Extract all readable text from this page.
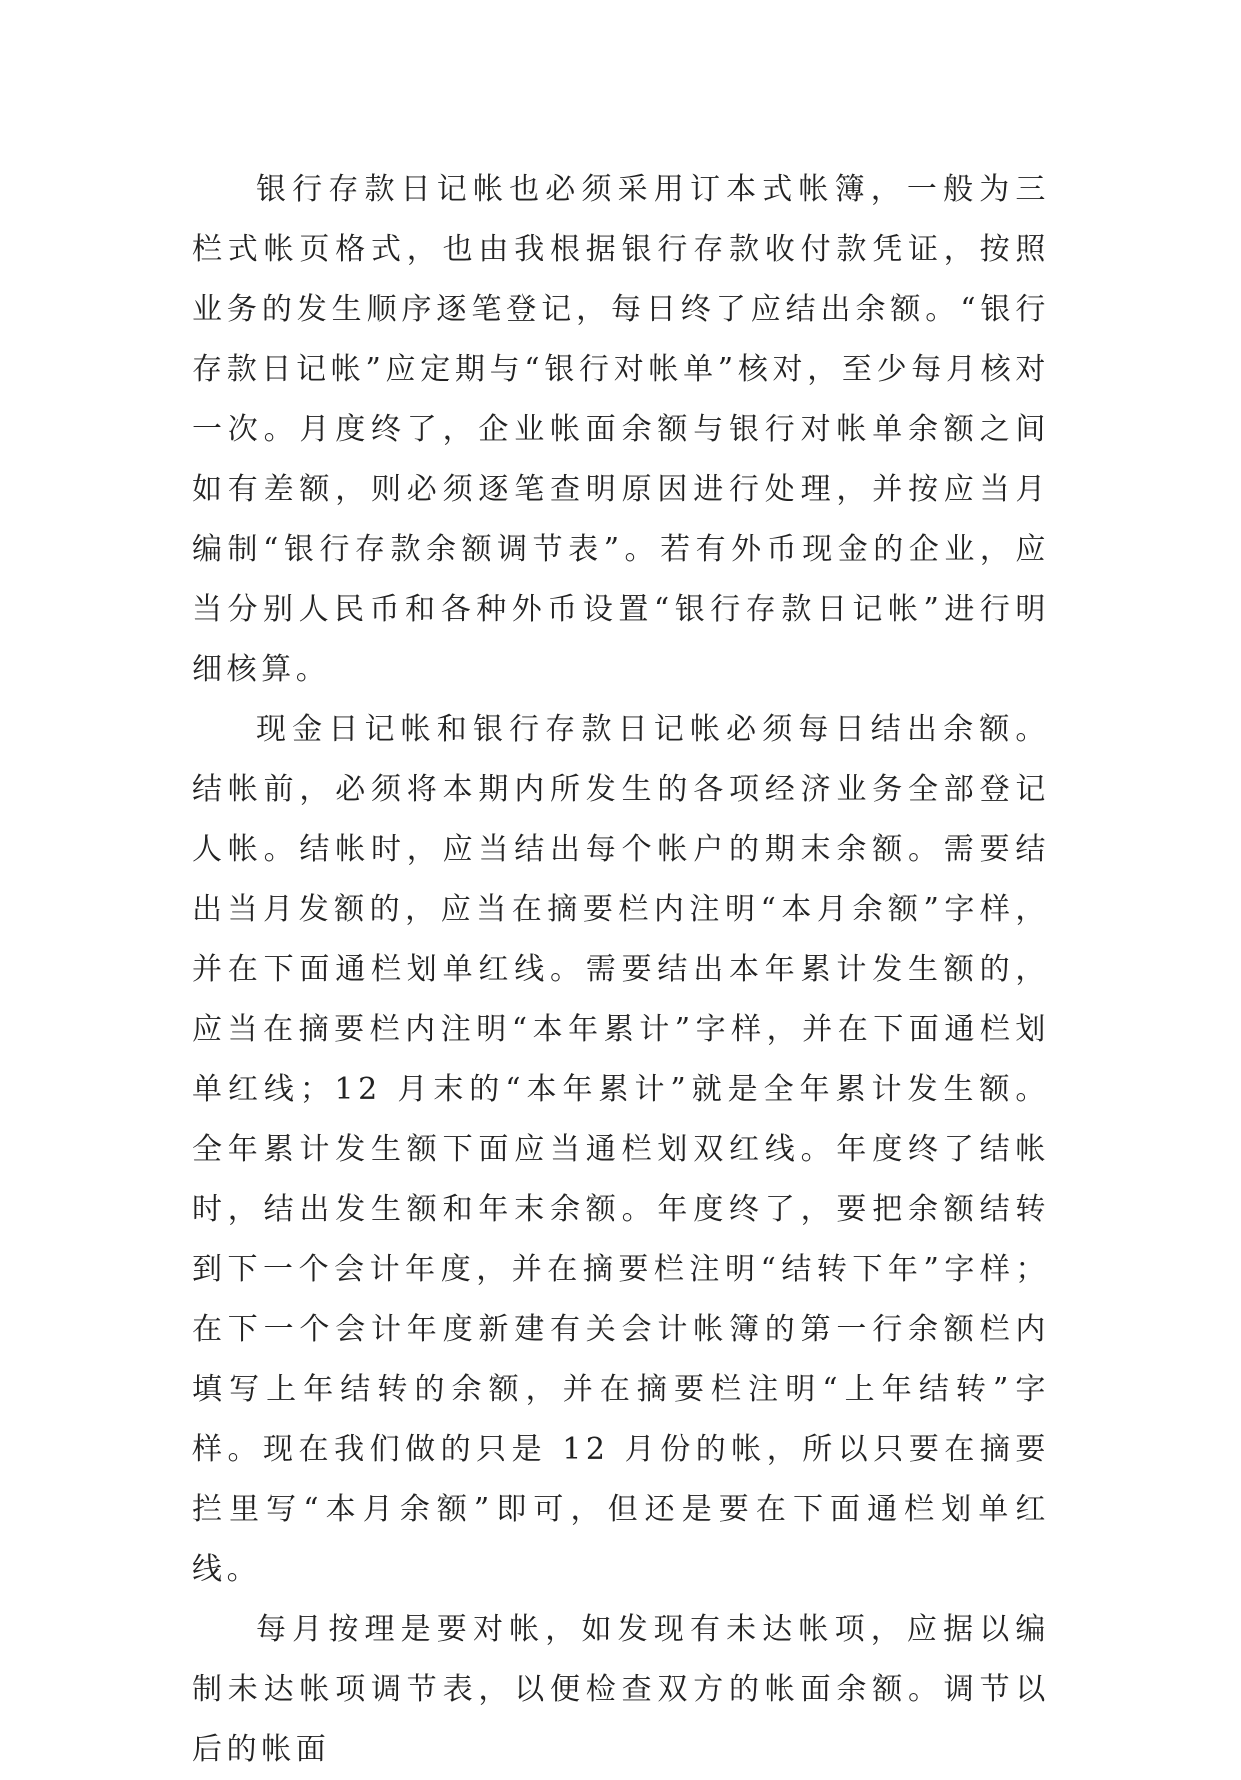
银行存款日记帐也必须采用订本式帐簿，一般为三栏式帐页格式，也由我根据银行存款收付款凭证，按照业务的发生顺序逐笔登记，每日终了应结出余额。“银行存款日记帐”应定期与“银行对帐单”核对，至少每月核对一次。月度终了，企业帐面余额与银行对帐单余额之间如有差额，则必须逐笔查明原因进行处理，并按应当月编制“银行存款余额调节表”。若有外币现金的企业，应当分别人民币和各种外币设置“银行存款日记帐”进行明细核算。

现金日记帐和银行存款日记帐必须每日结出余额。结帐前，必须将本期内所发生的各项经济业务全部登记人帐。结帐时，应当结出每个帐户的期末余额。需要结出当月发额的，应当在摘要栏内注明“本月余额”字样，并在下面通栏划单红线。需要结出本年累计发生额的，应当在摘要栏内注明“本年累计”字样，并在下面通栏划单红线；12 月末的“本年累计”就是全年累计发生额。全年累计发生额下面应当通栏划双红线。年度终了结帐时，结出发生额和年末余额。年度终了，要把余额结转到下一个会计年度，并在摘要栏注明“结转下年”字样；在下一个会计年度新建有关会计帐簿的第一行余额栏内填写上年结转的余额，并在摘要栏注明“上年结转”字样。现在我们做的只是 12 月份的帐，所以只要在摘要拦里写“本月余额”即可，但还是要在下面通栏划单红线。

每月按理是要对帐，如发现有未达帐项，应据以编制未达帐项调节表，以便检查双方的帐面余额。调节以后的帐面
